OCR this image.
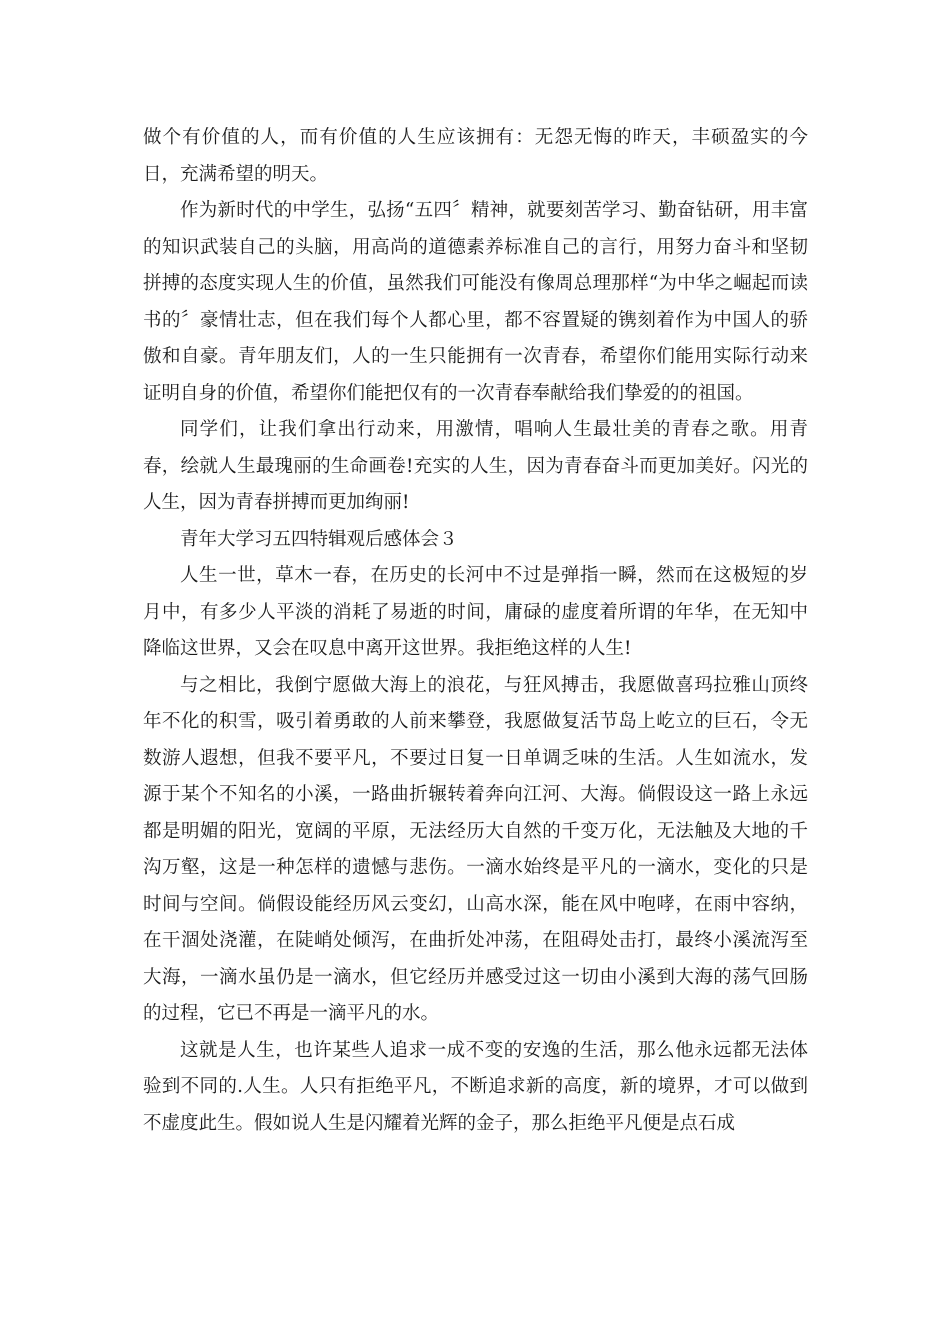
做个有价值的人，而有价值的人生应该拥有：无怨无悔的昨天，丰硕盈实的今日，充满希望的明天。

作为新时代的中学生，弘扬“五四〞精神，就要刻苦学习、勤奋钻研，用丰富的知识武装自己的头脑，用高尚的道德素养标准自己的言行，用努力奋斗和坚韧拼搏的态度实现人生的价值，虽然我们可能没有像周总理那样“为中华之崛起而读书的〞豪情壮志，但在我们每个人都心里，都不容置疑的镌刻着作为中国人的骄傲和自豪。青年朋友们，人的一生只能拥有一次青春，希望你们能用实际行动来证明自身的价值，希望你们能把仅有的一次青春奉献给我们挚爱的的祖国。

同学们，让我们拿出行动来，用激情，唱响人生最壮美的青春之歌。用青春，绘就人生最瑰丽的生命画卷!充实的人生，因为青春奋斗而更加美好。闪光的人生，因为青春拼搏而更加绚丽!

青年大学习五四特辑观后感体会３

人生一世，草木一春，在历史的长河中不过是弹指一瞬，然而在这极短的岁月中，有多少人平淡的消耗了易逝的时间，庸碌的虚度着所谓的年华，在无知中降临这世界，又会在叹息中离开这世界。我拒绝这样的人生!

与之相比，我倒宁愿做大海上的浪花，与狂风搏击，我愿做喜玛拉雅山顶终年不化的积雪，吸引着勇敢的人前来攀登，我愿做复活节岛上屹立的巨石，令无数游人遐想，但我不要平凡，不要过日复一日单调乏味的生活。人生如流水，发源于某个不知名的小溪，一路曲折辗转着奔向江河、大海。倘假设这一路上永远都是明媚的阳光，宽阔的平原，无法经历大自然的千变万化，无法触及大地的千沟万壑，这是一种怎样的遗憾与悲伤。一滴水始终是平凡的一滴水，变化的只是时间与空间。倘假设能经历风云变幻，山高水深，能在风中咆哮，在雨中容纳，在干涸处浇灌，在陡峭处倾泻，在曲折处冲荡，在阻碍处击打，最终小溪流泻至大海，一滴水虽仍是一滴水，但它经历并感受过这一切由小溪到大海的荡气回肠的过程，它已不再是一滴平凡的水。

这就是人生，也许某些人追求一成不变的安逸的生活，那么他永远都无法体验到不同的.人生。人只有拒绝平凡，不断追求新的高度，新的境界，才可以做到不虚度此生。假如说人生是闪耀着光辉的金子，那么拒绝平凡便是点石成
